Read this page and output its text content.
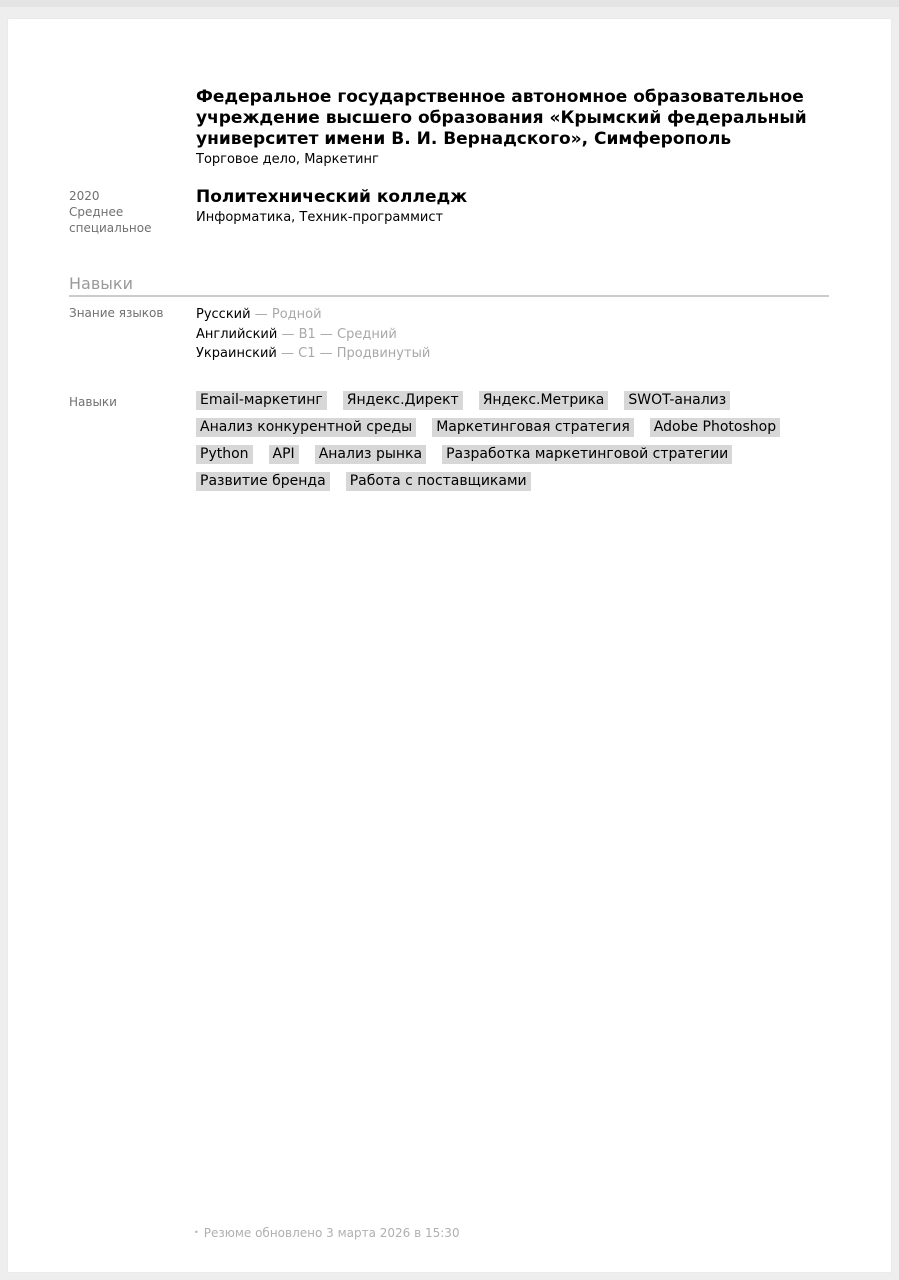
Федеральное государственное автономное образовательное учреждение высшего образования «Крымский федеральный университет имени В. И. Вернадского», Симферополь
Торговое дело, Маркетинг
2020
Среднее специальное
Политехнический колледж
Информатика, Техник-программист
Навыки
Знание языков	Русский — Родной
Английский — B1 — Средний
Украинский — C1 — Продвинутый
Навыки	Email-маркетинг Яндекс.Директ Яндекс.Метрика SWOT-анализ
Анализ конкурентной среды Маркетинговая стратегия Adobe Photoshop
Python API Анализ рынка Разработка маркетинговой стратегии
Развитие бренда Работа с поставщиками
• Резюме обновлено 3 марта 2026 в 15:30
